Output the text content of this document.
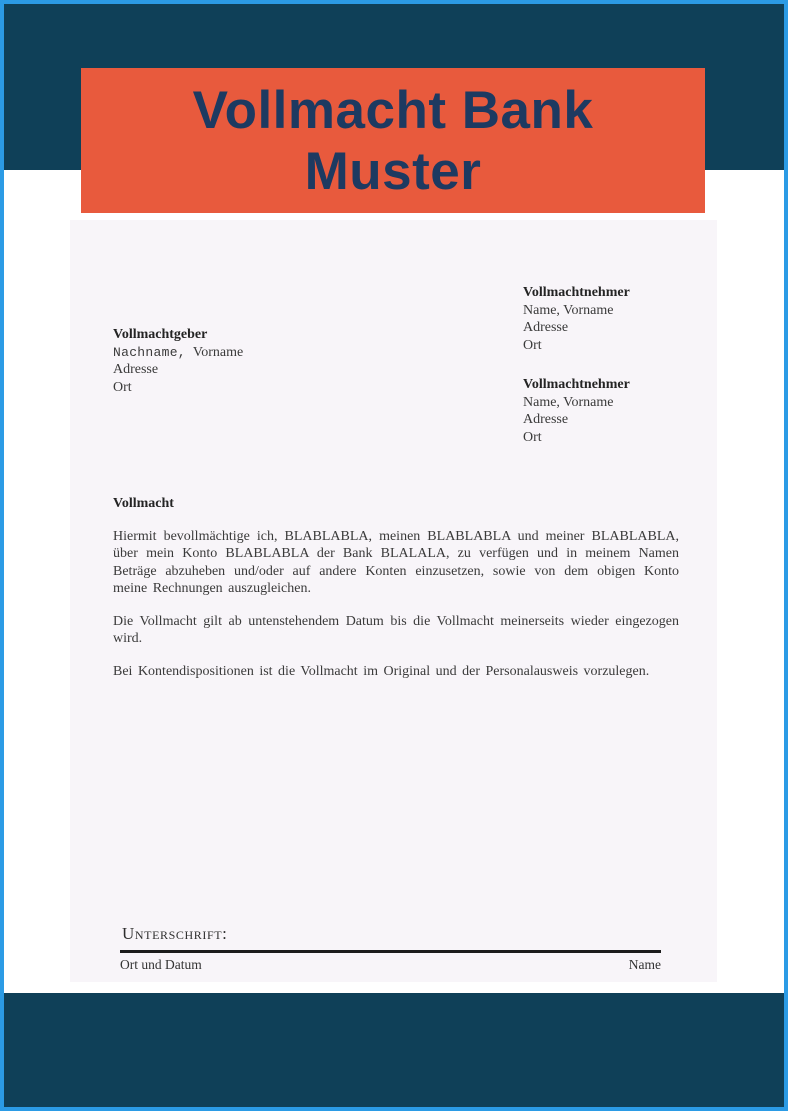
Vollmacht Bank
Muster
Vollmachtnehmer
Name, Vorname
Adresse
Ort
Vollmachtnehmer
Name, Vorname
Adresse
Ort
Vollmachtgeber
Nachname, Vorname
Adresse
Ort
Vollmacht

Hiermit bevollmächtige ich, BLABLABLA, meinen BLABLABLA und meiner BLABLABLA, über mein Konto BLABLABLA der Bank BLALALA, zu verfügen und in meinem Namen Beträge abzuheben und/oder auf andere Konten einzusetzen, sowie von dem obigen Konto meine Rechnungen auszugleichen.

Die Vollmacht gilt ab untenstehendem Datum bis die Vollmacht meinerseits wieder eingezogen wird.

Bei Kontendispositionen ist die Vollmacht im Original und der Personalausweis vorzulegen.

Unterschrift:
Ort und Datum	Name
